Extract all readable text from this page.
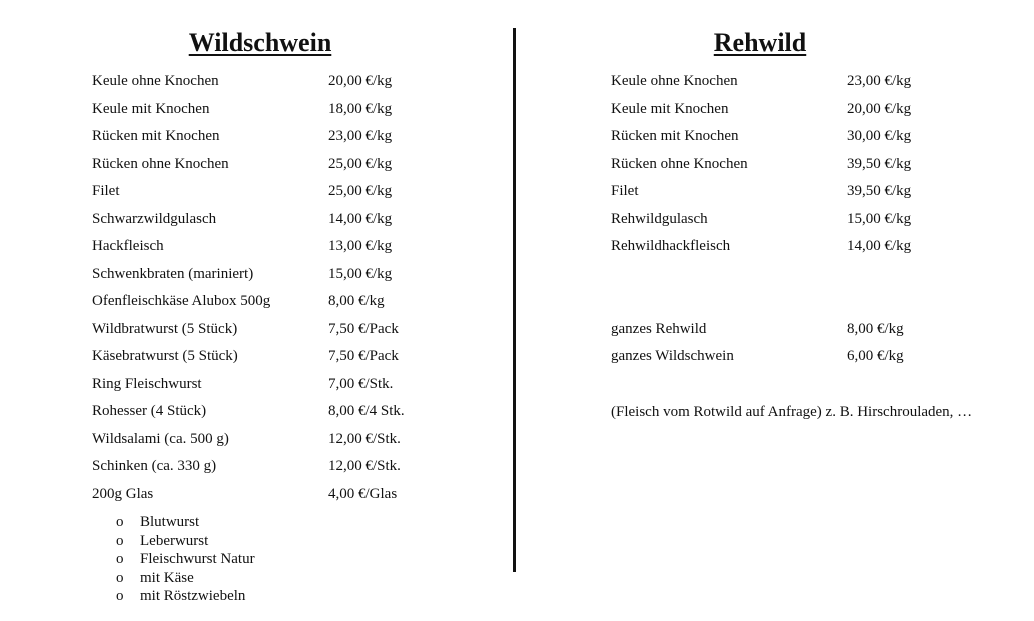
Wildschwein	Rehwild
Keule ohne Knochen	20,00 €/kg
Keule mit Knochen	18,00 €/kg
Rücken mit Knochen	23,00 €/kg
Rücken ohne Knochen	25,00 €/kg
Filet	25,00 €/kg
Schwarzwildgulasch	14,00 €/kg
Hackfleisch	13,00 €/kg
Schwenkbraten (mariniert)	15,00 €/kg
Ofenfleischkäse Alubox 500g	8,00 €/kg
Wildbratwurst (5 Stück)	7,50 €/Pack
Käsebratwurst (5 Stück)	7,50 €/Pack
Ring Fleischwurst	7,00 €/Stk.
Rohesser (4 Stück)	8,00 €/4 Stk.
Wildsalami (ca. 500 g)	12,00 €/Stk.
Schinken (ca. 330 g)	12,00 €/Stk.
200g Glas	4,00 €/Glas
o Blutwurst
o Leberwurst
o Fleischwurst Natur
o mit Käse
o mit Röstzwiebeln
Keule ohne Knochen	23,00 €/kg
Keule mit Knochen	20,00 €/kg
Rücken mit Knochen	30,00 €/kg
Rücken ohne Knochen	39,50 €/kg
Filet	39,50 €/kg
Rehwildgulasch	15,00 €/kg
Rehwildhackfleisch	14,00 €/kg
ganzes Rehwild	8,00 €/kg
ganzes Wildschwein	6,00 €/kg
(Fleisch vom Rotwild auf Anfrage) z. B. Hirschrouladen, …
